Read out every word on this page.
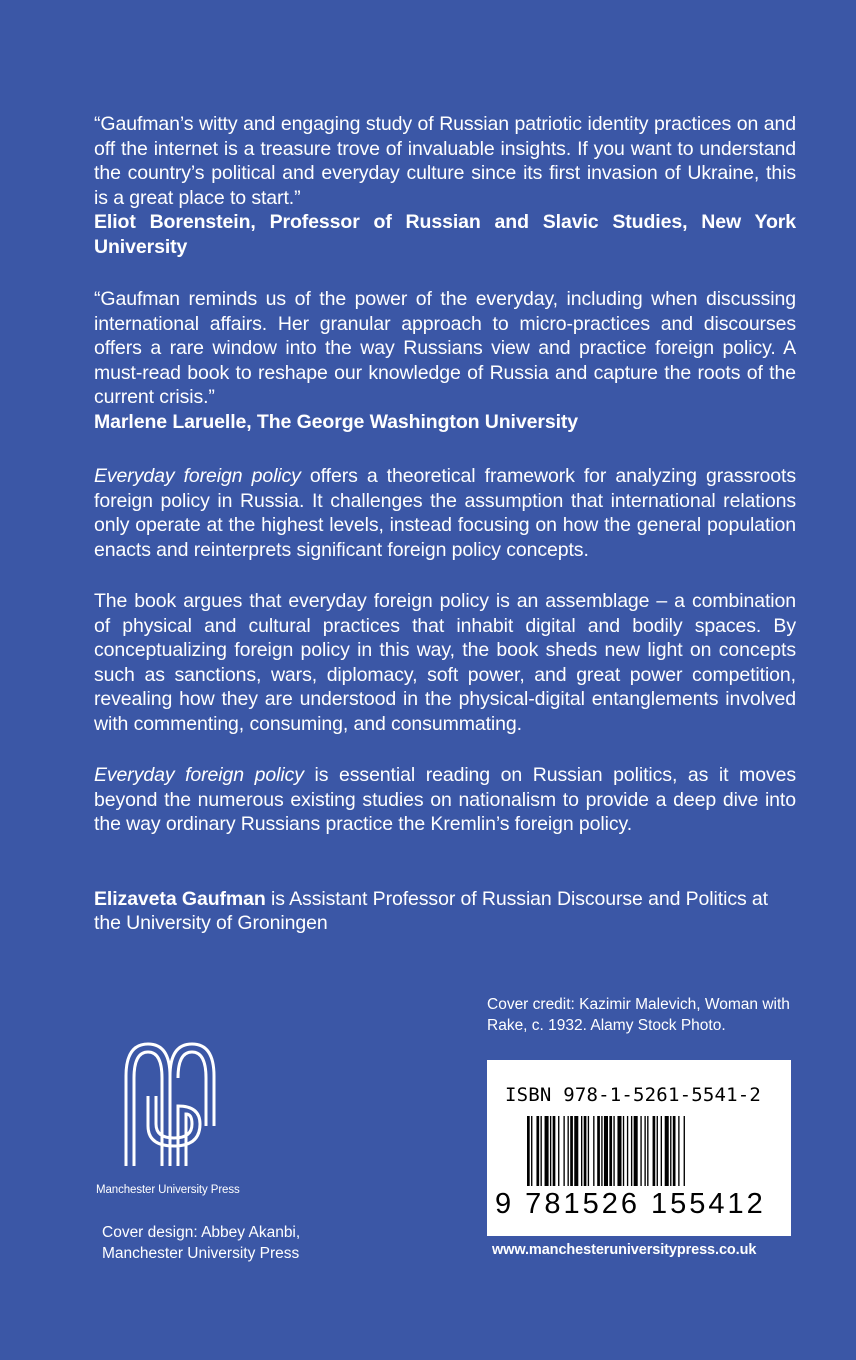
“Gaufman’s witty and engaging study of Russian patriotic identity practices on and off the internet is a treasure trove of invaluable insights. If you want to understand the country’s political and everyday culture since its first invasion of Ukraine, this is a great place to start.”

Eliot Borenstein, Professor of Russian and Slavic Studies, New York University

“Gaufman reminds us of the power of the everyday, including when discussing international affairs. Her granular approach to micro-practices and discourses offers a rare window into the way Russians view and practice foreign policy. A must-read book to reshape our knowledge of Russia and capture the roots of the current crisis.”

Marlene Laruelle, The George Washington University

Everyday foreign policy offers a theoretical framework for analyzing grassroots foreign policy in Russia. It challenges the assumption that international relations only operate at the highest levels, instead focusing on how the general population enacts and reinterprets significant foreign policy concepts.

The book argues that everyday foreign policy is an assemblage – a combination of physical and cultural practices that inhabit digital and bodily spaces. By conceptualizing foreign policy in this way, the book sheds new light on concepts such as sanctions, wars, diplomacy, soft power, and great power competition, revealing how they are understood in the physical-digital entanglements involved with commenting, consuming, and consummating.

Everyday foreign policy is essential reading on Russian politics, as it moves beyond the numerous existing studies on nationalism to provide a deep dive into the way ordinary Russians practice the Kremlin’s foreign policy.

Elizaveta Gaufman is Assistant Professor of Russian Discourse and Politics at the University of Groningen

Cover credit: Kazimir Malevich, Woman with Rake, c. 1932. Alamy Stock Photo.
ISBN 978-1-5261-5541-2
9 781526 155412
www.manchesteruniversitypress.co.uk
Manchester University Press
Cover design: Abbey Akanbi,
Manchester University Press
